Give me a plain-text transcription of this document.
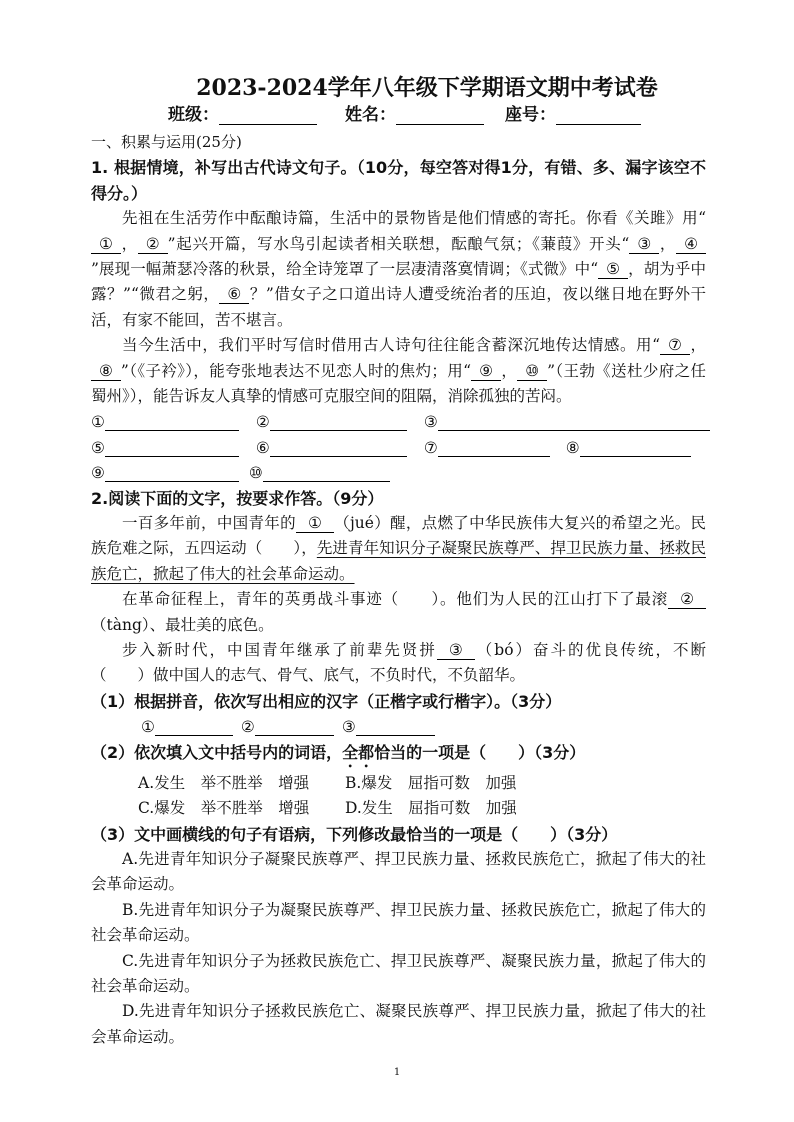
2023-2024学年八年级下学期语文期中考试卷
班级：	姓名：	座号：
一、积累与运用(25分)
1. 根据情境，补写出古代诗文句子。（10分，每空答对得1分，有错、多、漏字该空不得分。）

先祖在生活劳作中酝酿诗篇，生活中的景物皆是他们情感的寄托。你看《关雎》用“① ， ② ”起兴开篇，写水鸟引起读者相关联想，酝酿气氛；《蒹葭》开头“ ③ ， ④”展现一幅萧瑟冷落的秋景，给全诗笼罩了一层凄清落寞情调；《式微》中“ ⑤ ，胡为乎中露？”“微君之躬， ⑥ ？”借女子之口道出诗人遭受统治者的压迫，夜以继日地在野外干活，有家不能回，苦不堪言。

当今生活中，我们平时写信时借用古人诗句往往能含蓄深沉地传达情感。用“ ⑦ ，⑧ ”（《子衿》），能夸张地表达不见恋人时的焦灼；用“ ⑨ ， ⑩ ”（王勃《送杜少府之任蜀州》），能告诉友人真挚的情感可克服空间的阻隔，消除孤独的苦闷。

①	②	③
⑤	⑥	⑦	⑧
⑨	⑩
2.阅读下面的文字，按要求作答。（9分）

一百多年前，中国青年的 ① （jué）醒，点燃了中华民族伟大复兴的希望之光。民族危难之际，五四运动（　　），先进青年知识分子凝聚民族尊严、捍卫民族力量、拯救民族危亡，掀起了伟大的社会革命运动。

在革命征程上，青年的英勇战斗事迹（　　）。他们为人民的江山打下了最滚 ②（tàng）、最壮美的底色。

步入新时代，中国青年继承了前辈先贤拼 ③ （bó）奋斗的优良传统，不断（　　）做中国人的志气、骨气、底气，不负时代，不负韶华。

（1）根据拼音，依次写出相应的汉字（正楷字或行楷字）。（3分）
①	②	③
（2）依次填入文中括号内的词语，全都恰当的一项是（　　）（3分）
A.发生　举不胜举　增强	B.爆发　屈指可数　加强
C.爆发　举不胜举　增强	D.发生　屈指可数　加强
（3）文中画横线的句子有语病，下列修改最恰当的一项是（　　）（3分）

A.先进青年知识分子凝聚民族尊严、捍卫民族力量、拯救民族危亡，掀起了伟大的社会革命运动。

B.先进青年知识分子为凝聚民族尊严、捍卫民族力量、拯救民族危亡，掀起了伟大的社会革命运动。

C.先进青年知识分子为拯救民族危亡、捍卫民族尊严、凝聚民族力量，掀起了伟大的社会革命运动。

D.先进青年知识分子拯救民族危亡、凝聚民族尊严、捍卫民族力量，掀起了伟大的社会革命运动。

1
